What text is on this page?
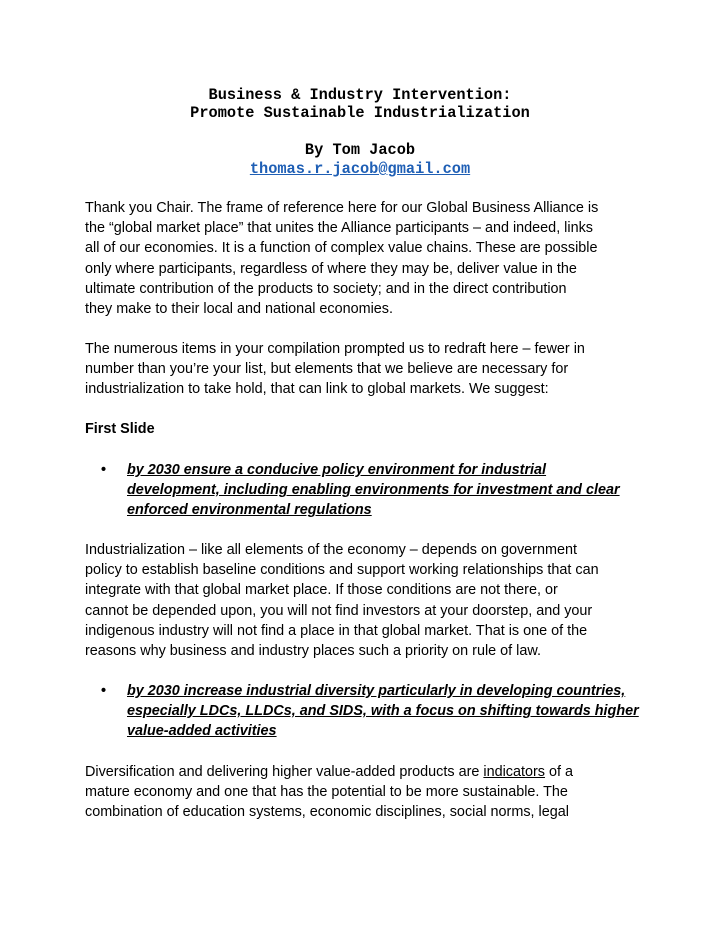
Business & Industry Intervention:
Promote Sustainable Industrialization
By Tom Jacob
thomas.r.jacob@gmail.com

Thank you Chair. The frame of reference here for our Global Business Alliance is
the “global market place” that unites the Alliance participants – and indeed, links
all of our economies. It is a function of complex value chains. These are possible
only where participants, regardless of where they may be, deliver value in the
ultimate contribution of the products to society; and in the direct contribution
they make to their local and national economies.

The numerous items in your compilation prompted us to redraft here – fewer in
number than you’re your list, but elements that we believe are necessary for
industrialization to take hold, that can link to global markets. We suggest:

First Slide
• by 2030 ensure a conducive policy environment for industrial
development, including enabling environments for investment and clear
enforced environmental regulations

Industrialization – like all elements of the economy – depends on government
policy to establish baseline conditions and support working relationships that can
integrate with that global market place. If those conditions are not there, or
cannot be depended upon, you will not find investors at your doorstep, and your
indigenous industry will not find a place in that global market. That is one of the
reasons why business and industry places such a priority on rule of law.

• by 2030 increase industrial diversity particularly in developing countries,
especially LDCs, LLDCs, and SIDS, with a focus on shifting towards higher
value-added activities

Diversification and delivering higher value-added products are indicators of a
mature economy and one that has the potential to be more sustainable. The
combination of education systems, economic disciplines, social norms, legal
